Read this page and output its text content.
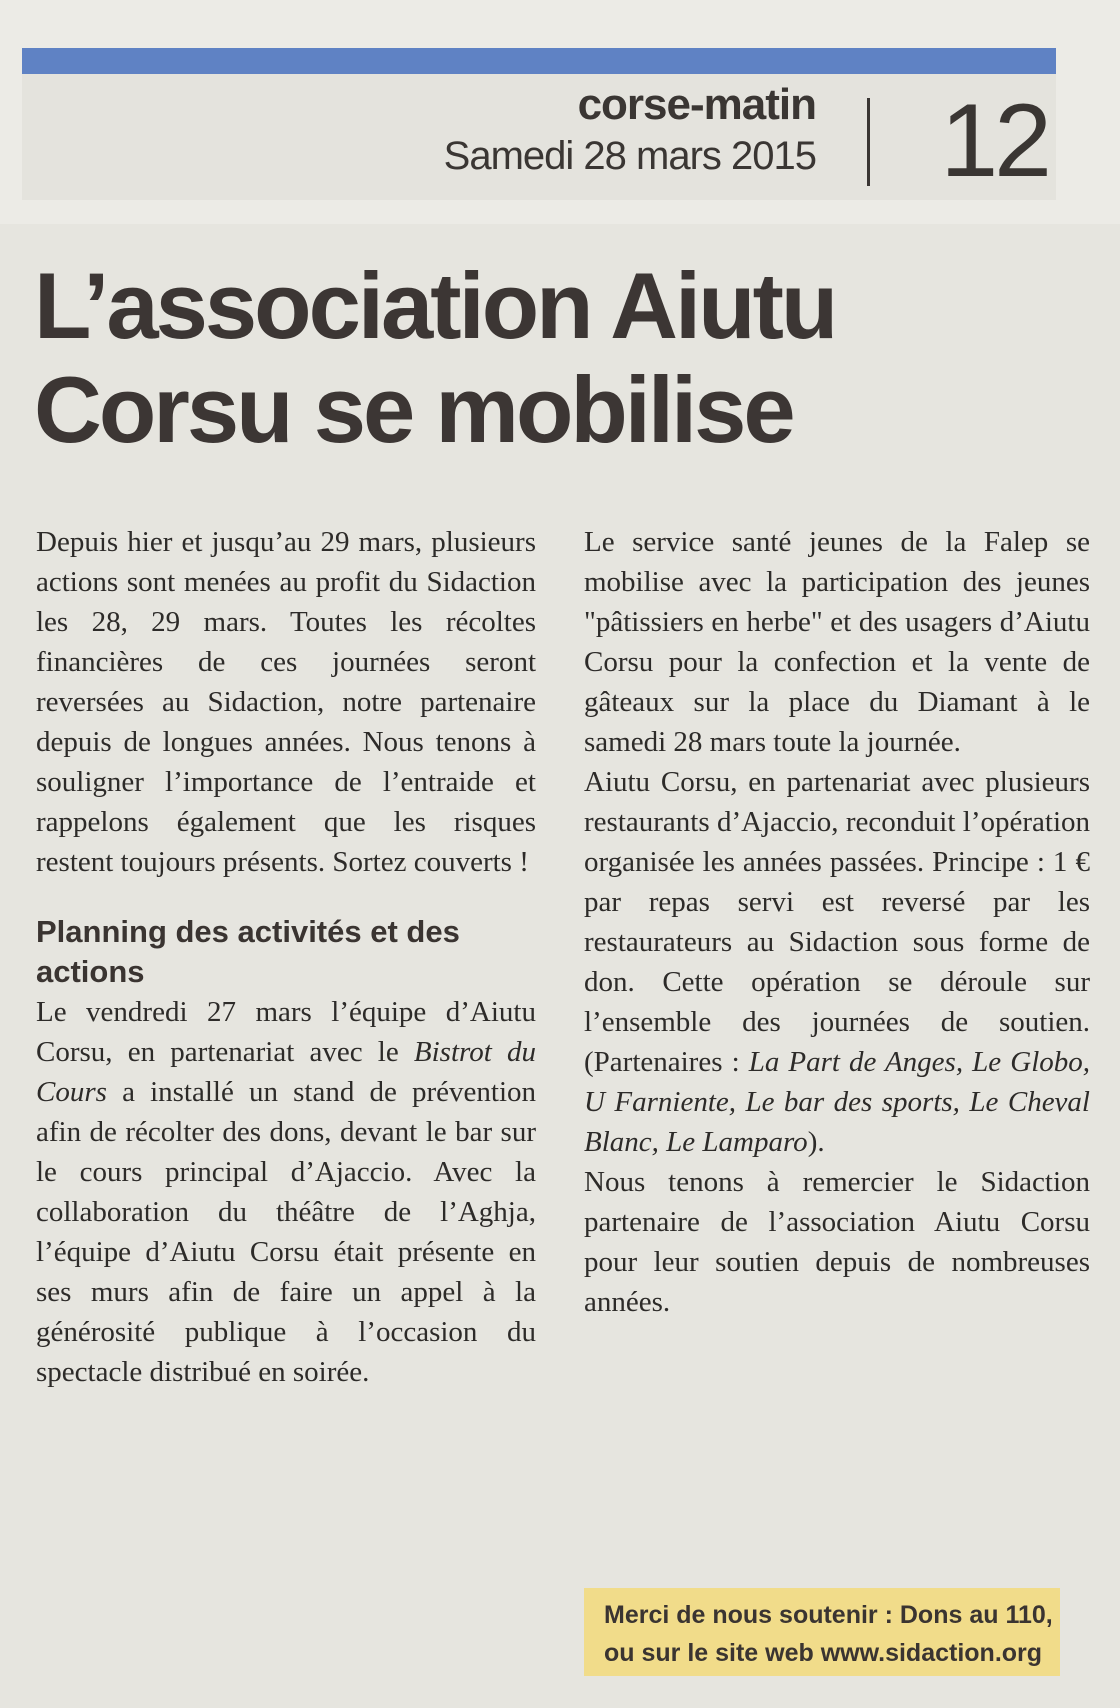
corse-matin
Samedi 28 mars 2015 12
L’association Aiutu Corsu se mobilise

Depuis hier et jusqu’au 29 mars, plusieurs actions sont menées au profit du Sidaction les 28, 29 mars. Toutes les récoltes financières de ces journées seront reversées au Sidaction, notre partenaire depuis de longues années. Nous tenons à souligner l’importance de l’entraide et rappelons également que les risques restent toujours présents. Sortez couverts !

Planning des activités et des actions

Le vendredi 27 mars l’équipe d’Aiutu Corsu, en partenariat avec le Bistrot du Cours a installé un stand de prévention afin de récolter des dons, devant le bar sur le cours principal d’Ajaccio. Avec la collaboration du théâtre de l’Aghja, l’équipe d’Aiutu Corsu était présente en ses murs afin de faire un appel à la générosité publique à l’occasion du spectacle distribué en soirée.

Le service santé jeunes de la Falep se mobilise avec la participation des jeunes "pâtissiers en herbe" et des usagers d’Aiutu Corsu pour la confection et la vente de gâteaux sur la place du Diamant à le samedi 28 mars toute la journée.

Aiutu Corsu, en partenariat avec plusieurs restaurants d’Ajaccio, reconduit l’opération organisée les années passées. Principe : 1 € par repas servi est reversé par les restaurateurs au Sidaction sous forme de don. Cette opération se déroule sur l’ensemble des journées de soutien. (Partenaires : La Part de Anges, Le Globo, U Farniente, Le bar des sports, Le Cheval Blanc, Le Lamparo).

Nous tenons à remercier le Sidaction partenaire de l’association Aiutu Corsu pour leur soutien depuis de nombreuses années.

Merci de nous soutenir : Dons au 110, ou sur le site web www.sidaction.org
